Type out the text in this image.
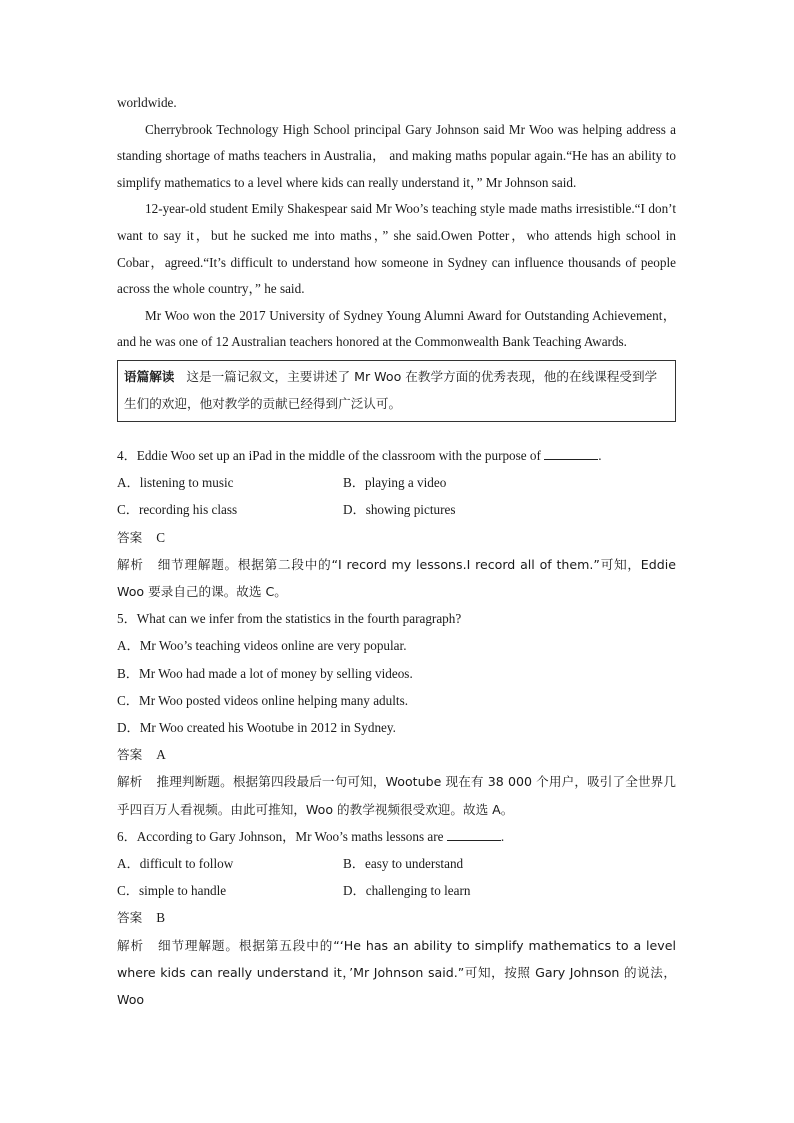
worldwide.

Cherrybrook Technology High School principal Gary Johnson said Mr Woo was helping address a standing shortage of maths teachers in Australia， and making maths popular again.“He has an ability to simplify mathematics to a level where kids can really understand it，” Mr Johnson said.

12-year-old student Emily Shakespear said Mr Woo’s teaching style made maths irresistible.“I don’t want to say it，but he sucked me into maths，” she said.Owen Potter，who attends high school in Cobar，agreed.“It’s difficult to understand how someone in Sydney can influence thousands of people across the whole country，” he said.

Mr Woo won the 2017 University of Sydney Young Alumni Award for Outstanding Achievement， and he was one of 12 Australian teachers honored at the Commonwealth Bank Teaching Awards.

语篇解读 这是一篇记叙文，主要讲述了 Mr Woo 在教学方面的优秀表现，他的在线课程受到学生们的欢迎，他对教学的贡献已经得到广泛认可。

4．Eddie Woo set up an iPad in the middle of the classroom with the purpose of	.

A．listening to music	B．playing a video
C．recording his class	D．showing pictures

答案 C

解析 细节理解题。根据第二段中的“I record my lessons.I record all of them.”可知，Eddie Woo 要录自己的课。故选 C。

5．What can we infer from the statistics in the fourth paragraph?

A．Mr Woo’s teaching videos online are very popular.

B．Mr Woo had made a lot of money by selling videos.

C．Mr Woo posted videos online helping many adults.

D．Mr Woo created his Wootube in 2012 in Sydney.

答案 A

解析 推理判断题。根据第四段最后一句可知，Wootube 现在有 38 000 个用户，吸引了全世界几乎四百万人看视频。由此可推知，Woo 的教学视频很受欢迎。故选 A。

6．According to Gary Johnson，Mr Woo’s maths lessons are	.

A．difficult to follow	B．easy to understand
C．simple to handle	D．challenging to learn

答案 B

解析 细节理解题。根据第五段中的“‘He has an ability to simplify mathematics to a level where kids can really understand it，’Mr Johnson said.”可知，按照 Gary Johnson 的说法，Woo
